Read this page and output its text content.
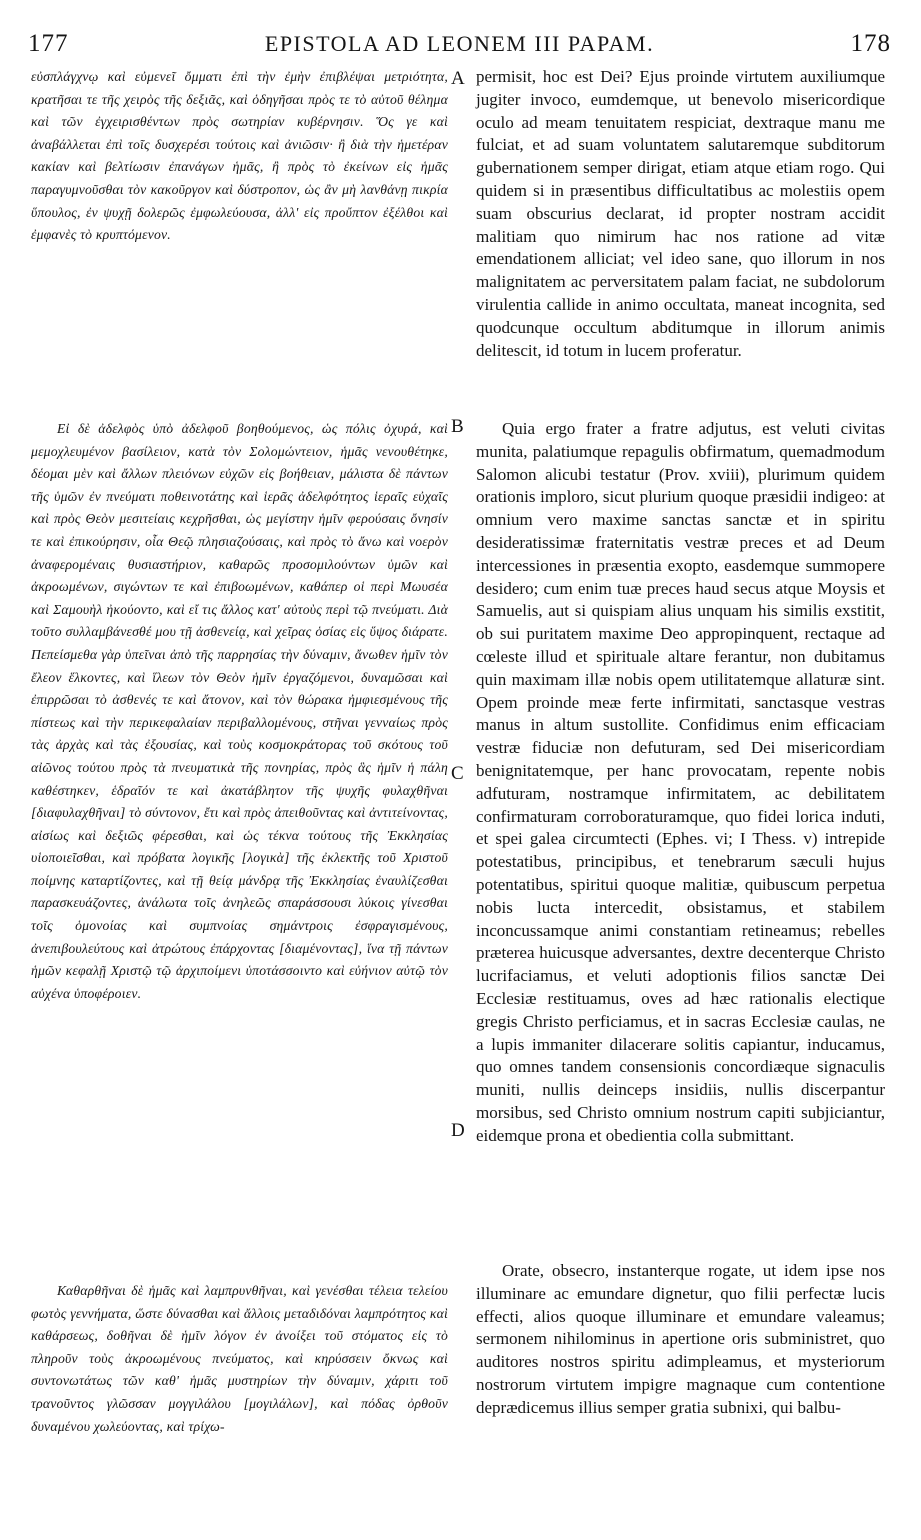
177	EPISTOLA AD LEONEM III PAPAM.	178
A
B
C
D

εὐσπλάγχνῳ καὶ εὐμενεῖ ὄμματι ἐπὶ τὴν ἐμὴν ἐπιβλέψαι μετριότητα, κρατῆσαι τε τῆς χειρὸς τῆς δεξιᾶς, καὶ ὁδηγῆσαι πρὸς τε τὸ αὐτοῦ θέλημα καὶ τῶν ἐγχειρισθέντων πρὸς σωτηρίαν κυβέρνησιν. Ὅς γε καὶ ἀναβάλλεται ἐπὶ τοῖς δυσχερέσι τούτοις καὶ ἀνιῶσιν· ἢ διὰ τὴν ἡμετέραν κακίαν καὶ βελτίωσιν ἐπανάγων ἡμᾶς, ἢ πρὸς τὸ ἐκείνων εἰς ἡμᾶς παραγυμνοῦσθαι τὸν κακοῦργον καὶ δύστροπον, ὡς ἂν μὴ λανθάνῃ πικρία ὕπουλος, ἐν ψυχῇ δολερῶς ἐμφωλεύουσα, ἀλλ' εἰς προὔπτον ἐξέλθοι καὶ ἐμφανὲς τὸ κρυπτόμενον.

Εἰ δὲ ἀδελφὸς ὑπὸ ἀδελφοῦ βοηθούμενος, ὡς πόλις ὀχυρά, καὶ μεμοχλευμένον βασίλειον, κατὰ τὸν Σολομώντειον, ἡμᾶς νενουθέτηκε, δέομαι μὲν καὶ ἄλλων πλειόνων εὐχῶν εἰς βοήθειαν, μάλιστα δὲ πάντων τῆς ὑμῶν ἐν πνεύματι ποθεινοτάτης καὶ ἱερᾶς ἀδελφότητος ἱεραῖς εὐχαῖς καὶ πρὸς Θεὸν μεσιτείαις κεχρῆσθαι, ὡς μεγίστην ἡμῖν φερούσαις ὄνησίν τε καὶ ἐπικούρησιν, οἷα Θεῷ πλησιαζούσαις, καὶ πρὸς τὸ ἄνω καὶ νοερὸν ἀναφερομέναις θυσιαστήριον, καθαρῶς προσομιλούντων ὑμῶν καὶ ἀκροωμένων, σιγώντων τε καὶ ἐπιβοωμένων, καθάπερ οἱ περὶ Μωυσέα καὶ Σαμουὴλ ἠκούοντο, καὶ εἴ τις ἄλλος κατ' αὐτοὺς περὶ τῷ πνεύματι. Διὰ τοῦτο συλλαμβάνεσθέ μου τῇ ἀσθενείᾳ, καὶ χεῖρας ὁσίας εἰς ὕψος διάρατε. Πεπείσμεθα γὰρ ὑπεῖναι ἀπὸ τῆς παρρησίας τὴν δύναμιν, ἄνωθεν ἡμῖν τὸν ἔλεον ἕλκοντες, καὶ ἵλεων τὸν Θεὸν ἡμῖν ἐργαζόμενοι, δυναμῶσαι καὶ ἐπιρρῶσαι τὸ ἀσθενές τε καὶ ἄτονον, καὶ τὸν θώρακα ἠμφιεσμένους τῆς πίστεως καὶ τὴν περικεφαλαίαν περιβαλλομένους, στῆναι γενναίως πρὸς τὰς ἀρχὰς καὶ τὰς ἐξουσίας, καὶ τοὺς κοσμοκράτορας τοῦ σκότους τοῦ αἰῶνος τούτου πρὸς τὰ πνευματικὰ τῆς πονηρίας, πρὸς ἃς ἡμῖν ἡ πάλη καθέστηκεν, ἑδραῖόν τε καὶ ἀκατάβλητον τῆς ψυχῆς φυλαχθῆναι [διαφυλαχθῆναι] τὸ σύντονον, ἔτι καὶ πρὸς ἀπειθοῦντας καὶ ἀντιτείνοντας, αἰσίως καὶ δεξιῶς φέρεσθαι, καὶ ὡς τέκνα τούτους τῆς Ἐκκλησίας υἱοποιεῖσθαι, καὶ πρόβατα λογικῆς [λογικὰ] τῆς ἐκλεκτῆς τοῦ Χριστοῦ ποίμνης καταρτίζοντες, καὶ τῇ θείᾳ μάνδρᾳ τῆς Ἐκκλησίας ἐναυλίζεσθαι παρασκευάζοντες, ἀνάλωτα τοῖς ἀνηλεῶς σπαράσσουσι λύκοις γίνεσθαι τοῖς ὁμονοίας καὶ συμπνοίας σημάντροις ἐσφραγισμένους, ἀνεπιβουλεύτους καὶ ἀτρώτους ἐπάρχοντας [διαμένοντας], ἵνα τῇ πάντων ἡμῶν κεφαλῇ Χριστῷ τῷ ἀρχιποίμενι ὑποτάσσοιντο καὶ εὐήνιον αὐτῷ τὸν αὐχένα ὑποφέροιεν.

Καθαρθῆναι δὲ ἡμᾶς καὶ λαμπρυνθῆναι, καὶ γενέσθαι τέλεια τελείου φωτὸς γεννήματα, ὥστε δύνασθαι καὶ ἄλλοις μεταδιδόναι λαμπρότητος καὶ καθάρσεως, δοθῆναι δὲ ἡμῖν λόγον ἐν ἀνοίξει τοῦ στόματος εἰς τὸ πληροῦν τοὺς ἀκροωμένους πνεύματος, καὶ κηρύσσειν ὄκνως καὶ συντονωτάτως τῶν καθ' ἡμᾶς μυστηρίων τὴν δύναμιν, χάριτι τοῦ τρανοῦντος γλῶσσαν μογγιλάλου [μογιλάλων], καὶ πόδας ὀρθοῦν δυναμένου χωλεύοντας, καὶ τρίχω-

permisit, hoc est Dei? Ejus proinde virtutem auxiliumque jugiter invoco, eumdemque, ut benevolo misericordique oculo ad meam tenuitatem respiciat, dextraque manu me fulciat, et ad suam voluntatem salutaremque subditorum gubernationem semper dirigat, etiam atque etiam rogo. Qui quidem si in præsentibus difficultatibus ac molestiis opem suam obscurius declarat, id propter nostram accidit malitiam quo nimirum hac nos ratione ad vitæ emendationem alliciat; vel ideo sane, quo illorum in nos malignitatem ac perversitatem palam faciat, ne subdolorum virulentia callide in animo occultata, maneat incognita, sed quodcunque occultum abditumque in illorum animis delitescit, id totum in lucem proferatur.

Quia ergo frater a fratre adjutus, est veluti civitas munita, palatiumque repagulis obfirmatum, quemadmodum Salomon alicubi testatur (Prov. xviii), plurimum quidem orationis imploro, sicut plurium quoque præsidii indigeo: at omnium vero maxime sanctas sanctæ et in spiritu desideratissimæ fraternitatis vestræ preces et ad Deum intercessiones in præsentia exopto, easdemque summopere desidero; cum enim tuæ preces haud secus atque Moysis et Samuelis, aut si quispiam alius unquam his similis exstitit, ob sui puritatem maxime Deo appropinquent, rectaque ad cœleste illud et spirituale altare ferantur, non dubitamus quin maximam illæ nobis opem utilitatemque allaturæ sint. Opem proinde meæ ferte infirmitati, sanctasque vestras manus in altum sustollite. Confidimus enim efficaciam vestræ fiduciæ non defuturam, sed Dei misericordiam benignitatemque, per hanc provocatam, repente nobis adfuturam, nostramque infirmitatem, ac debilitatem confirmaturam corroboraturamque, quo fidei lorica induti, et spei galea circumtecti (Ephes. vi; I Thess. v) intrepide potestatibus, principibus, et tenebrarum sæculi hujus potentatibus, spiritui quoque malitiæ, quibuscum perpetua nobis lucta intercedit, obsistamus, et stabilem inconcussamque animi constantiam retineamus; rebelles præterea huicusque adversantes, dextre decenterque Christo lucrifaciamus, et veluti adoptionis filios sanctæ Dei Ecclesiæ restituamus, oves ad hæc rationalis electique gregis Christo perficiamus, et in sacras Ecclesiæ caulas, ne a lupis immaniter dilacerare solitis capiantur, inducamus, quo omnes tandem consensionis concordiæque signaculis muniti, nullis deinceps insidiis, nullis discerpantur morsibus, sed Christo omnium nostrum capiti subjiciantur, eidemque prona et obedientia colla submittant.

Orate, obsecro, instanterque rogate, ut idem ipse nos illuminare ac emundare dignetur, quo filii perfectæ lucis effecti, alios quoque illuminare et emundare valeamus; sermonem nihilominus in apertione oris subministret, quo auditores nostros spiritu adimpleamus, et mysteriorum nostrorum virtutem impigre magnaque cum contentione deprædicemus illius semper gratia subnixi, qui balbu-
